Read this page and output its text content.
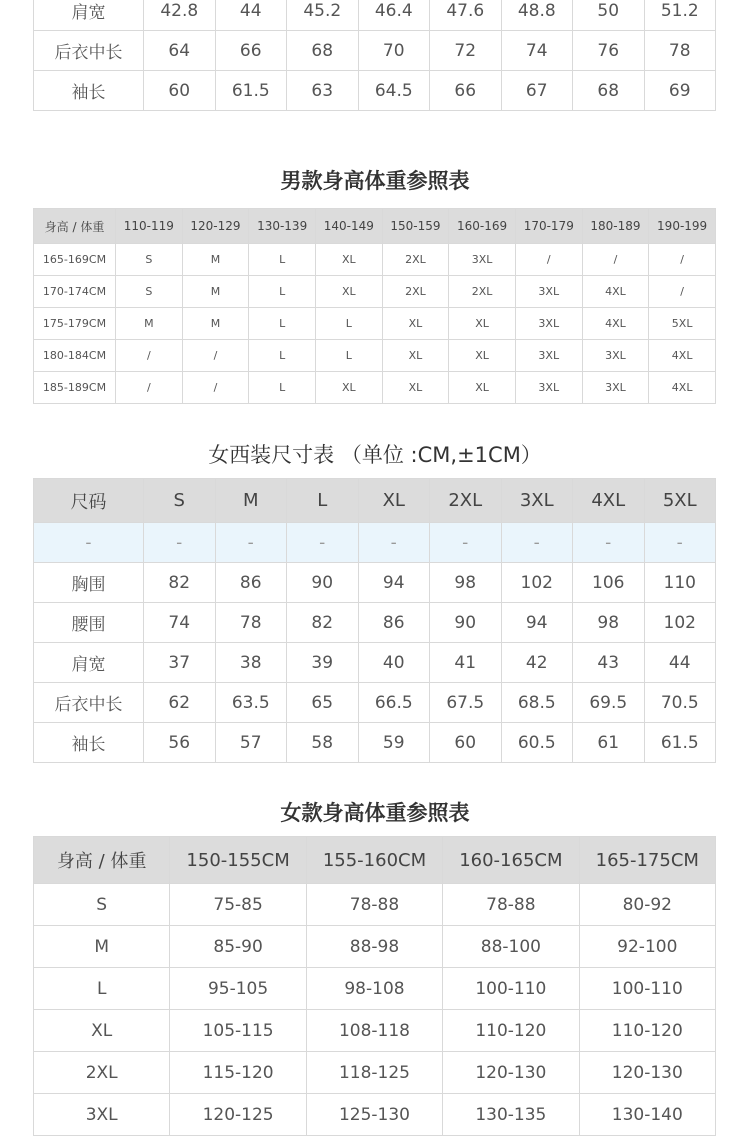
肩宽	42.8	44	45.2	46.4	47.6	48.8	50	51.2
后衣中长	64	66	68	70	72	74	76	78
袖长	60	61.5	63	64.5	66	67	68	69
男款身高体重参照表
身高 / 体重	110-119	120-129	130-139	140-149	150-159	160-169	170-179	180-189	190-199
165-169CM	S	M	L	XL	2XL	3XL	/	/	/
170-174CM	S	M	L	XL	2XL	2XL	3XL	4XL	/
175-179CM	M	M	L	L	XL	XL	3XL	4XL	5XL
180-184CM	/	/	L	L	XL	XL	3XL	3XL	4XL
185-189CM	/	/	L	XL	XL	XL	3XL	3XL	4XL
女西装尺寸表 （单位 :CM,±1CM）
尺码	S	M	L	XL	2XL	3XL	4XL	5XL
-	-	-	-	-	-	-	-	-
胸围	82	86	90	94	98	102	106	110
腰围	74	78	82	86	90	94	98	102
肩宽	37	38	39	40	41	42	43	44
后衣中长	62	63.5	65	66.5	67.5	68.5	69.5	70.5
袖长	56	57	58	59	60	60.5	61	61.5
女款身高体重参照表
身高 / 体重	150-155CM	155-160CM	160-165CM	165-175CM
S	75-85	78-88	78-88	80-92
M	85-90	88-98	88-100	92-100
L	95-105	98-108	100-110	100-110
XL	105-115	108-118	110-120	110-120
2XL	115-120	118-125	120-130	120-130
3XL	120-125	125-130	130-135	130-140
